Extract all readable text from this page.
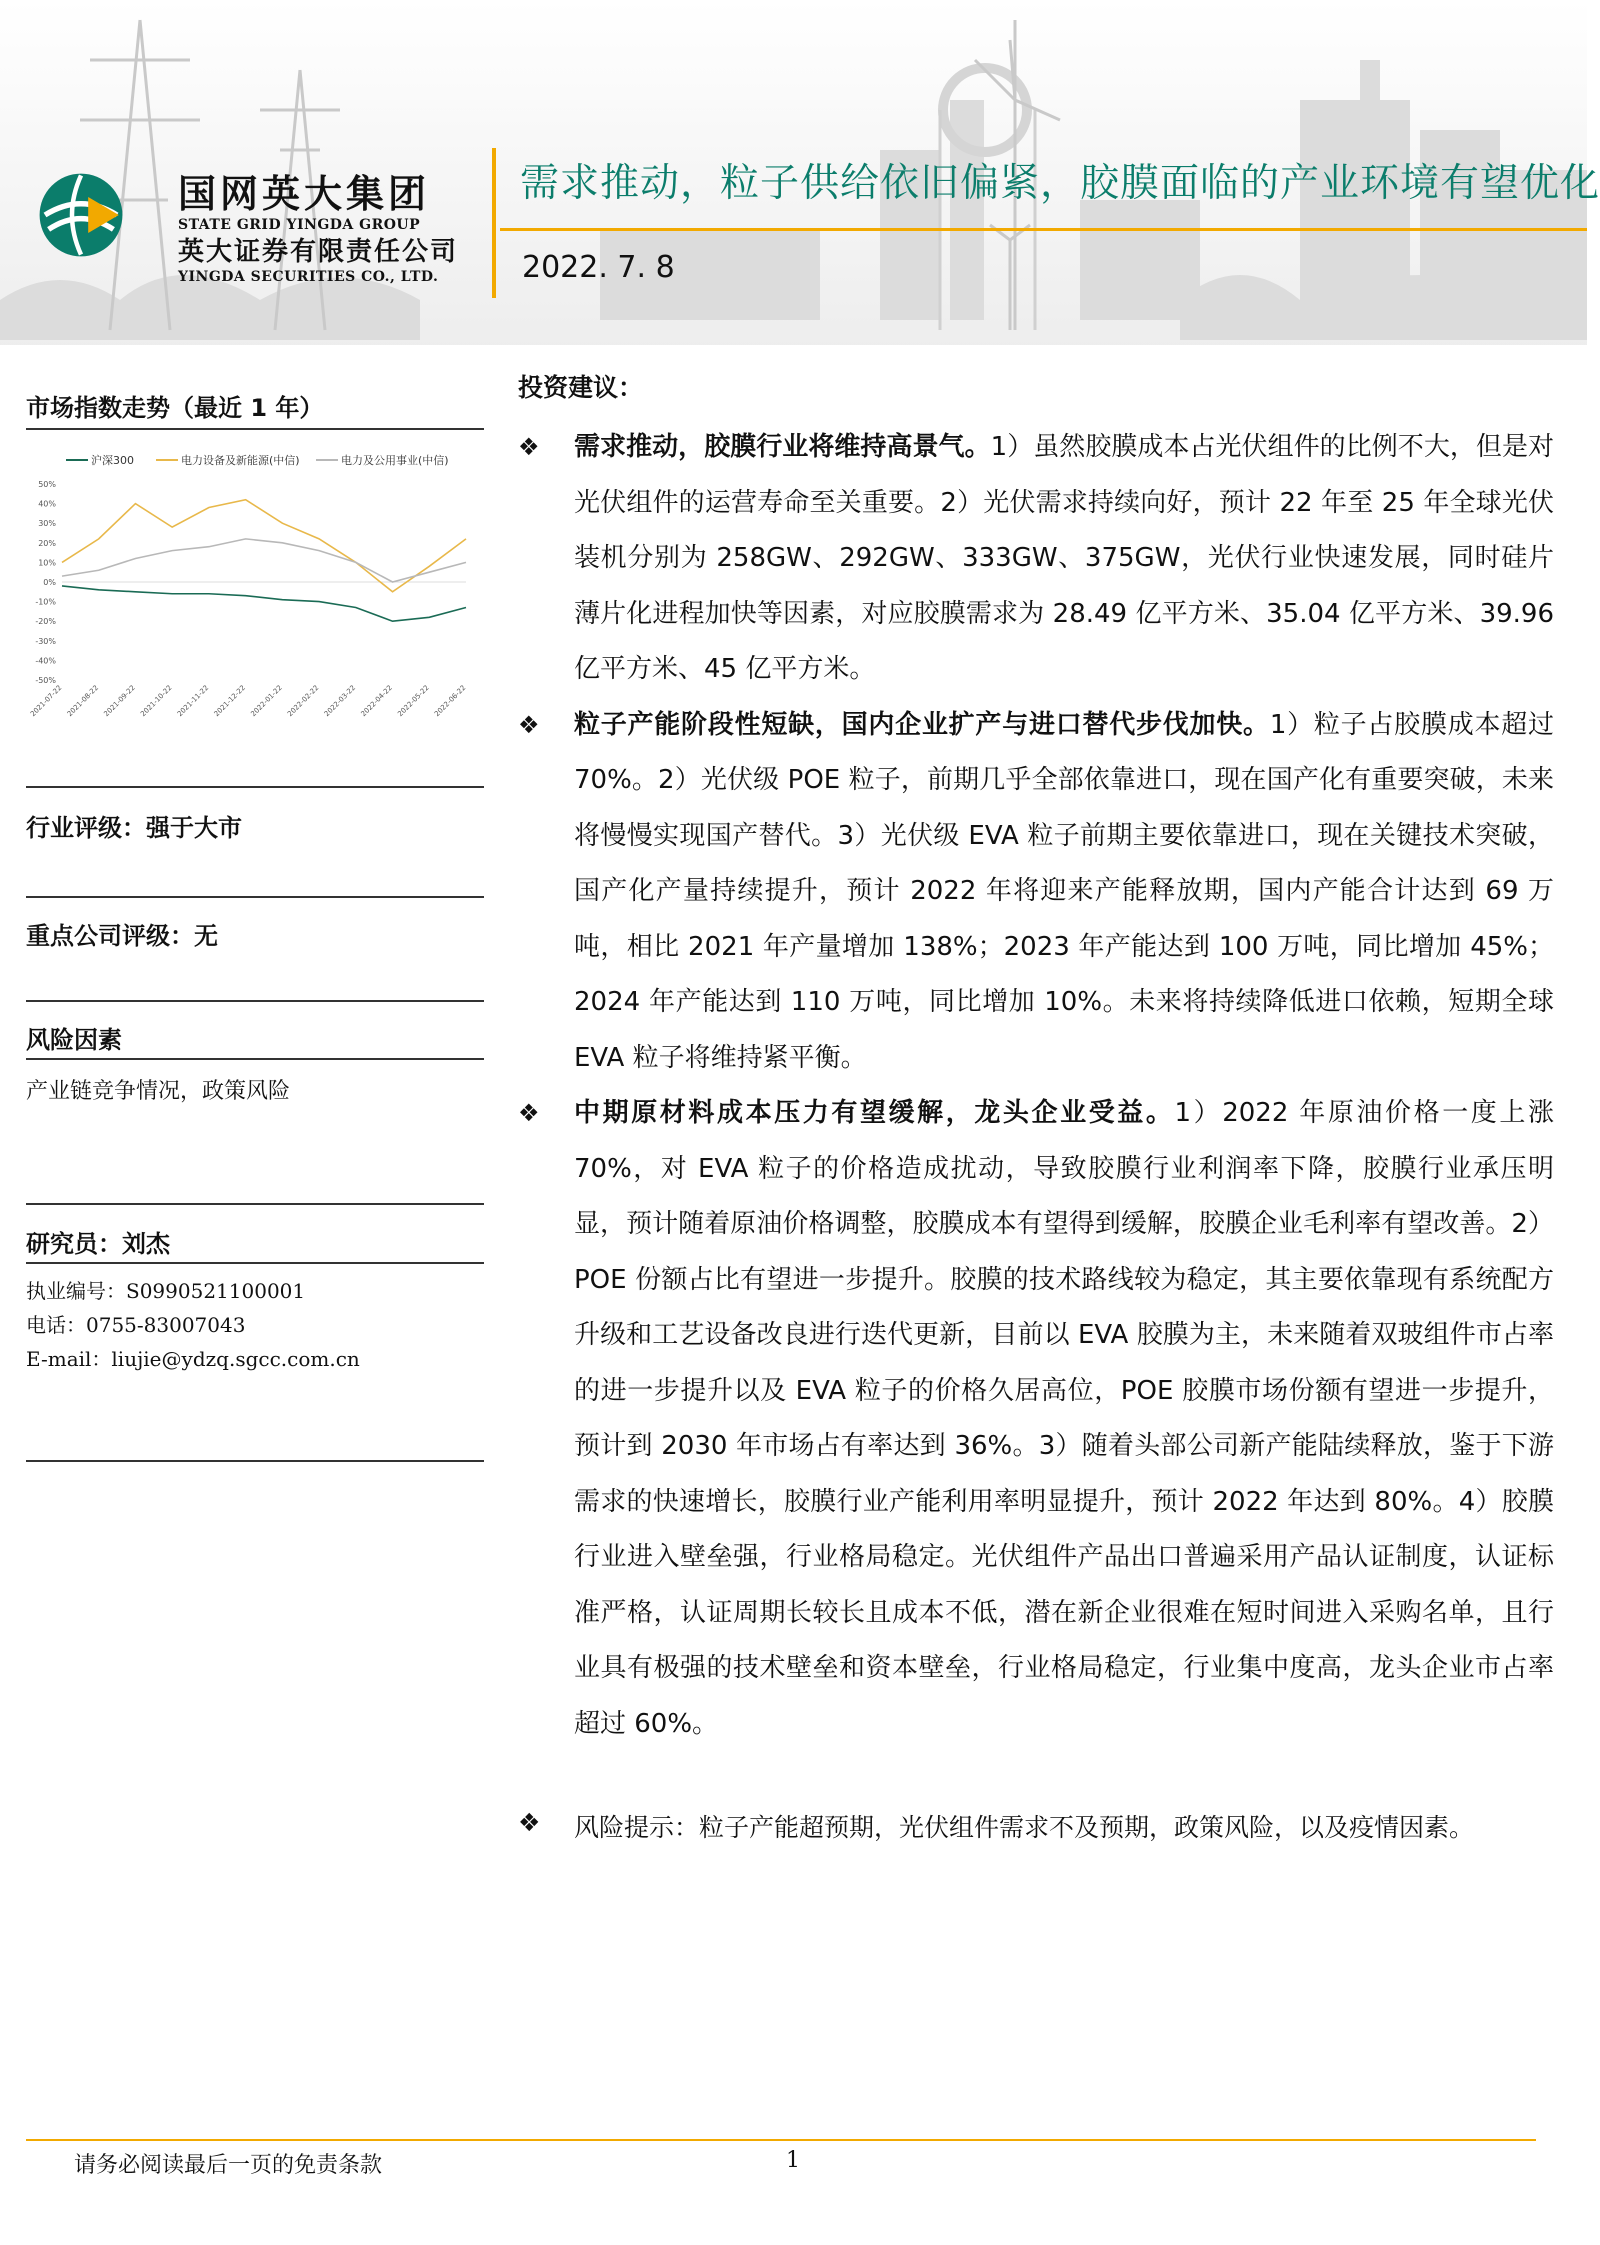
国网英大集团
STATE GRID YINGDA GROUP
英大证券有限责任公司
YINGDA SECURITIES CO., LTD.
需求推动，粒子供给依旧偏紧，胶膜面临的产业环境有望优化
2022. 7. 8
市场指数走势（最近 1 年）
沪深300	电力设备及新能源(中信)	电力及公用事业(中信)
50%
40%
30%
20%
10%
0%
-10%
-20%
-30%
-40%
-50%
2021-07-22 2021-08-22 2021-09-22 2021-10-22 2021-11-22 2021-12-22 2022-01-22 2022-02-22 2022-03-22 2022-04-22 2022-05-22 2022-06-22
行业评级：强于大市
重点公司评级：无
风险因素
产业链竞争情况，政策风险
研究员：刘杰
执业编号：S0990521100001
电话：0755-83007043
E-mail：liujie@ydzq.sgcc.com.cn
投资建议：
❖ 需求推动，胶膜行业将维持高景气。1）虽然胶膜成本占光伏组件的比例不大，但是对光伏组件的运营寿命至关重要。2）光伏需求持续向好，预计 22 年至 25 年全球光伏装机分别为 258GW、292GW、333GW、375GW，光伏行业快速发展，同时硅片薄片化进程加快等因素，对应胶膜需求为 28.49 亿平方米、35.04 亿平方米、39.96 亿平方米、45 亿平方米。
❖ 粒子产能阶段性短缺，国内企业扩产与进口替代步伐加快。1）粒子占胶膜成本超过 70%。2）光伏级 POE 粒子，前期几乎全部依靠进口，现在国产化有重要突破，未来将慢慢实现国产替代。3）光伏级 EVA 粒子前期主要依靠进口，现在关键技术突破，国产化产量持续提升，预计 2022 年将迎来产能释放期，国内产能合计达到 69 万吨，相比 2021 年产量增加 138%；2023 年产能达到 100 万吨，同比增加 45%；2024 年产能达到 110 万吨，同比增加 10%。未来将持续降低进口依赖，短期全球 EVA 粒子将维持紧平衡。
❖ 中期原材料成本压力有望缓解，龙头企业受益。1）2022 年原油价格一度上涨 70%，对 EVA 粒子的价格造成扰动，导致胶膜行业利润率下降，胶膜行业承压明显，预计随着原油价格调整，胶膜成本有望得到缓解，胶膜企业毛利率有望改善。2）POE 份额占比有望进一步提升。胶膜的技术路线较为稳定，其主要依靠现有系统配方升级和工艺设备改良进行迭代更新，目前以 EVA 胶膜为主，未来随着双玻组件市占率的进一步提升以及 EVA 粒子的价格久居高位，POE 胶膜市场份额有望进一步提升，预计到 2030 年市场占有率达到 36%。3）随着头部公司新产能陆续释放，鉴于下游需求的快速增长，胶膜行业产能利用率明显提升，预计 2022 年达到 80%。4）胶膜行业进入壁垒强，行业格局稳定。光伏组件产品出口普遍采用产品认证制度，认证标准严格，认证周期长较长且成本不低，潜在新企业很难在短时间进入采购名单，且行业具有极强的技术壁垒和资本壁垒，行业格局稳定，行业集中度高，龙头企业市占率超过 60%。
❖ 风险提示：粒子产能超预期，光伏组件需求不及预期，政策风险，以及疫情因素。
请务必阅读最后一页的免责条款	1
